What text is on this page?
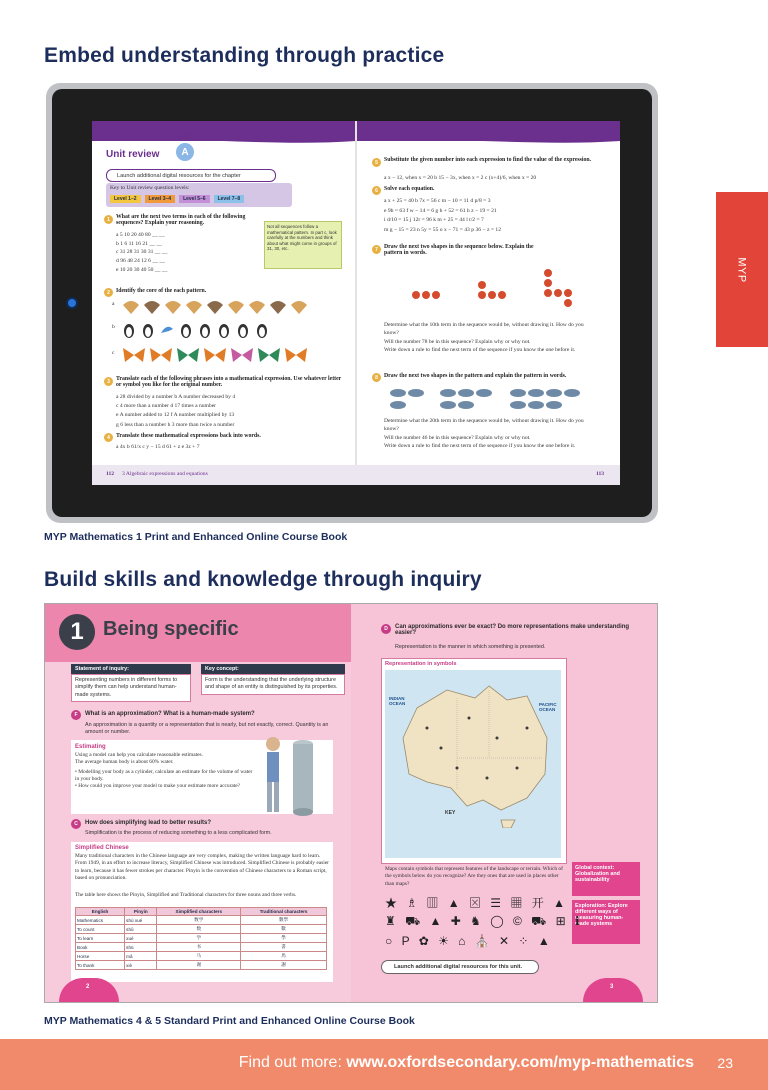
Embed understanding through practice
Unit review A
Criterion
Launch additional digital resources for the chapter
Key to Unit review question levels:
Level 1–2	Level 3–4	Level 5–6	Level 7–8
1	What are the next two terms in each of the following sequences? Explain your reasoning.
a 5 10 20 40 80 __ __
b 1 6 11 16 21 __ __
c 31 28 31 30 31 __ __
d 96 48 24 12 6 __ __
e 10 20 30 40 50 __ __
Not all sequences follow a mathematical pattern. In part c, look carefully at the numbers and think about what might come in groups of 31, 30, etc.
2	Identify the core of the each pattern.
a
b
c
3	Translate each of the following phrases into a mathematical expression. Use whatever letter or symbol you like for the original number.
a 28 divided by a number b A number decreased by 4
c 4 more than a number d 17 times a number
e A number added to 12 f A number multiplied by 13
g 6 less than a number h 3 more than twice a number
4	Translate these mathematical expressions back into words.
a 4x b 61/x c y − 15 d 61 + z e 3z + 7
112 3 Algebraic expressions and equations	113
5	Substitute the given number into each expression to find the value of the expression.
a x − 12, when x = 20 b 15 − 3x, when x = 2 c (x+4)/6, when x = 20
6	Solve each equation.
a x + 25 = 40 b 7x = 56 c m − 10 = 11 d p/8 = 3
e 9b = 63 f w − 14 = 6 g h + 52 = 61 h z − 19 = 21
i d/10 = 15 j 12r = 96 k m + 25 = 44 l t/2 = 7
m g − 15 = 23 n 5y = 55 o x − 71 = 43 p 36 − z = 12
7	Draw the next two shapes in the sequence below. Explain the pattern in words.
Determine what the 10th term in the sequence would be, without drawing it. How do you know?
Will the number 78 be in this sequence? Explain why or why not.
Write down a rule to find the next term of the sequence if you know the one before it.
8	Draw the next two shapes in the pattern and explain the pattern in words.
Determine what the 20th term in the sequence would be, without drawing it. How do you know?
Will the number 46 be in this sequence? Explain why or why not.
Write down a rule to find the next term of the sequence if you know the one before it.
MYP Mathematics 1 Print and Enhanced Online Course Book
MYP
Build skills and knowledge through inquiry
1 Being specific
Statement of inquiry:
Representing numbers in different forms to simplify them can help understand human-made systems.
Key concept:
Form is the understanding that the underlying structure and shape of an entity is distinguished by its properties.
F What is an approximation? What is a human-made system?
An approximation is a quantity or a representation that is nearly, but not exactly, correct. Quantity is an amount or number.
Estimating
Using a model can help you calculate reasonable estimates.
The average human body is about 60% water.
• Modelling your body as a cylinder, calculate an estimate for the volume of water in your body.
• How could you improve your model to make your estimate more accurate?
C How does simplifying lead to better results?
Simplification is the process of reducing something to a less complicated form.
Simplified Chinese
Many traditional characters in the Chinese language are very complex, making the written language hard to learn. From 1949, in an effort to increase literacy, Simplified Chinese was introduced. Simplified Chinese is probably easier to learn, because it has fewer strokes per character. Pinyin is the convention of Chinese characters to a Roman script, based on pronunciation.
The table here shows the Pinyin, Simplified and Traditional characters for three nouns and three verbs.
English	Pinyin	Simplified characters	Traditional characters
Mathematics	shù xué	数学	數學
To count	shǔ	数	數
To learn	xué	学	學
Book	shū	书	書
Horse	mǎ	马	馬
To thank	xiè	谢	謝
2
D Can approximations ever be exact? Do more representations make understanding easier?
Representation is the manner in which something is presented.
Representation in symbols
INDIAN OCEAN	PACIFIC OCEAN
KEY
Maps contain symbols that represent features of the landscape or terrain. Which of the symbols below do you recognize? Are they ones that are used in places other than maps?
Global context: Globalization and sustainability
Exploration: Explore different ways of measuring human-made systems
★ ♗ ▥ ▲ ⊠ ☰ ▦ 开 ▲
♜ ⛟ ▲ ✚ ♞ ◯ © ⛟ ⊞ ℹ
○ P ✿ ☀ ⌂ ⛪ ✕ ⁘ ▲
Launch additional digital resources for this unit.
3
MYP Mathematics 4 & 5 Standard Print and Enhanced Online Course Book
Find out more: www.oxfordsecondary.com/myp-mathematics 23
